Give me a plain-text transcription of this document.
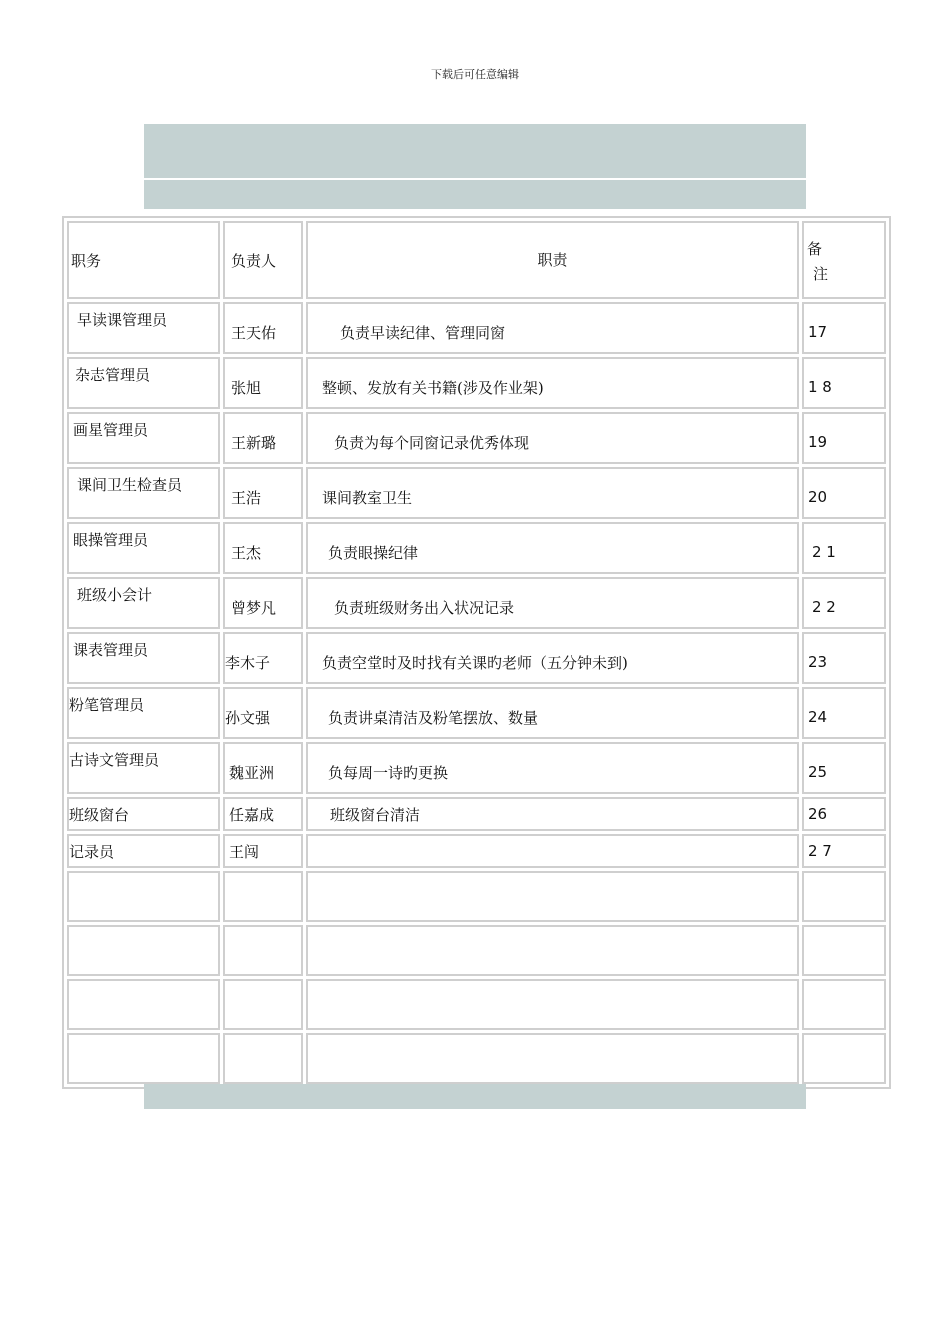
下载后可任意编辑
职务	负责人	职责	备
注

早读课管理员	王天佑	负责早读纪律、管理同窗	17
杂志管理员	张旭	整顿、发放有关书籍(涉及作业架)	1 8
画星管理员	王新璐	负责为每个同窗记录优秀体现	19
课间卫生检查员	王浩	课间教室卫生	20
眼操管理员	王杰	负责眼操纪律	2 1
班级小会计	曾梦凡	负责班级财务出入状况记录	2 2
课表管理员	李木子	负责空堂时及时找有关课旳老师（五分钟未到)	23
粉笔管理员	孙文强	负责讲桌清洁及粉笔摆放、数量	24
古诗文管理员	魏亚洲	负每周一诗旳更换	25
班级窗台	任嘉成	班级窗台清洁	26
记录员	王闯		2 7
